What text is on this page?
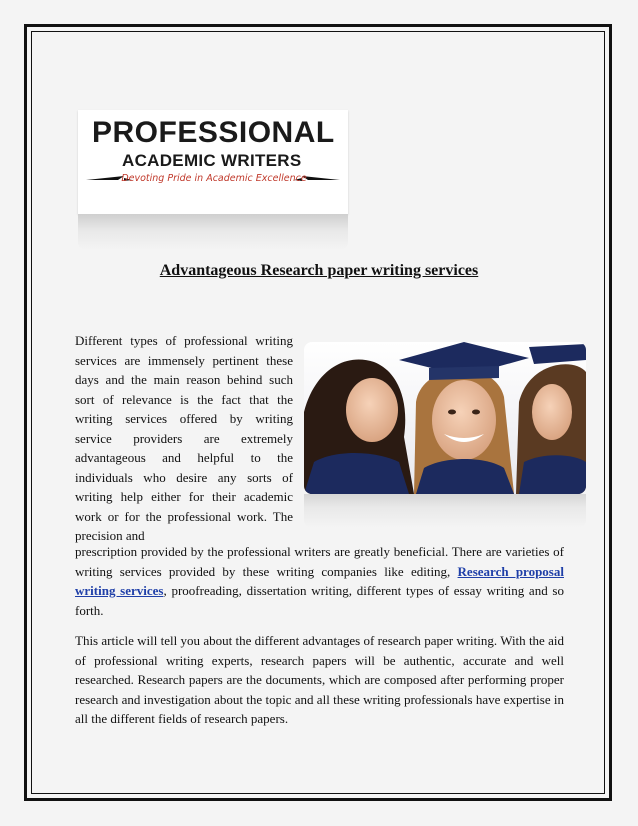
PROFESSIONAL
ACADEMIC WRITERS
Devoting Pride in Academic Excellence
Advantageous Research paper writing services
Different types of professional writing services are immensely pertinent these days and the main reason behind such sort of relevance is the fact that the writing services offered by writing service providers are extremely advantageous and helpful to the individuals who desire any sorts of writing help either for their academic work or for the professional work. The precision and
prescription provided by the professional writers are greatly beneficial. There are varieties of writing services provided by these writing companies like editing, Research proposal writing services, proofreading, dissertation writing, different types of essay writing and so forth.
This article will tell you about the different advantages of research paper writing. With the aid of professional writing experts, research papers will be authentic, accurate and well researched. Research papers are the documents, which are composed after performing proper research and investigation about the topic and all these writing professionals have expertise in all the different fields of research papers.
